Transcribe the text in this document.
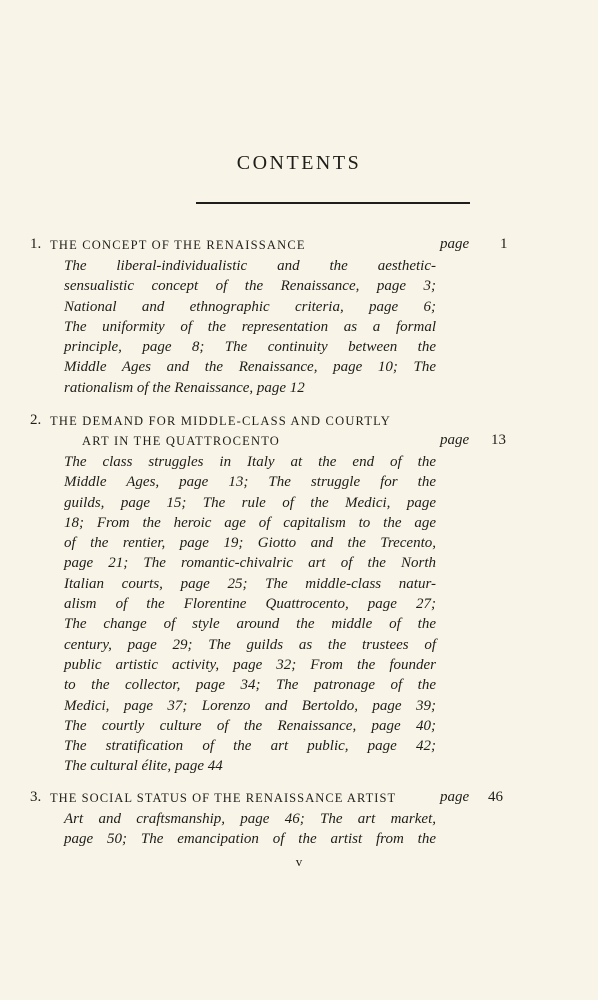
CONTENTS
1. THE CONCEPT OF THE RENAISSANCE	page 1
The liberal-individualistic and the aesthetic-
sensualistic concept of the Renaissance, page 3;
National and ethnographic criteria, page 6;
The uniformity of the representation as a formal
principle, page 8; The continuity between the
Middle Ages and the Renaissance, page 10; The
rationalism of the Renaissance, page 12
2. THE DEMAND FOR MIDDLE-CLASS AND COURTLY
ART IN THE QUATTROCENTO	page 13
The class struggles in Italy at the end of the
Middle Ages, page 13; The struggle for the
guilds, page 15; The rule of the Medici, page
18; From the heroic age of capitalism to the age
of the rentier, page 19; Giotto and the Trecento,
page 21; The romantic-chivalric art of the North
Italian courts, page 25; The middle-class natur-
alism of the Florentine Quattrocento, page 27;
The change of style around the middle of the
century, page 29; The guilds as the trustees of
public artistic activity, page 32; From the founder
to the collector, page 34; The patronage of the
Medici, page 37; Lorenzo and Bertoldo, page 39;
The courtly culture of the Renaissance, page 40;
The stratification of the art public, page 42;
The cultural élite, page 44
3. THE SOCIAL STATUS OF THE RENAISSANCE ARTIST	page 46
Art and craftsmanship, page 46; The art market,
page 50; The emancipation of the artist from the
v
